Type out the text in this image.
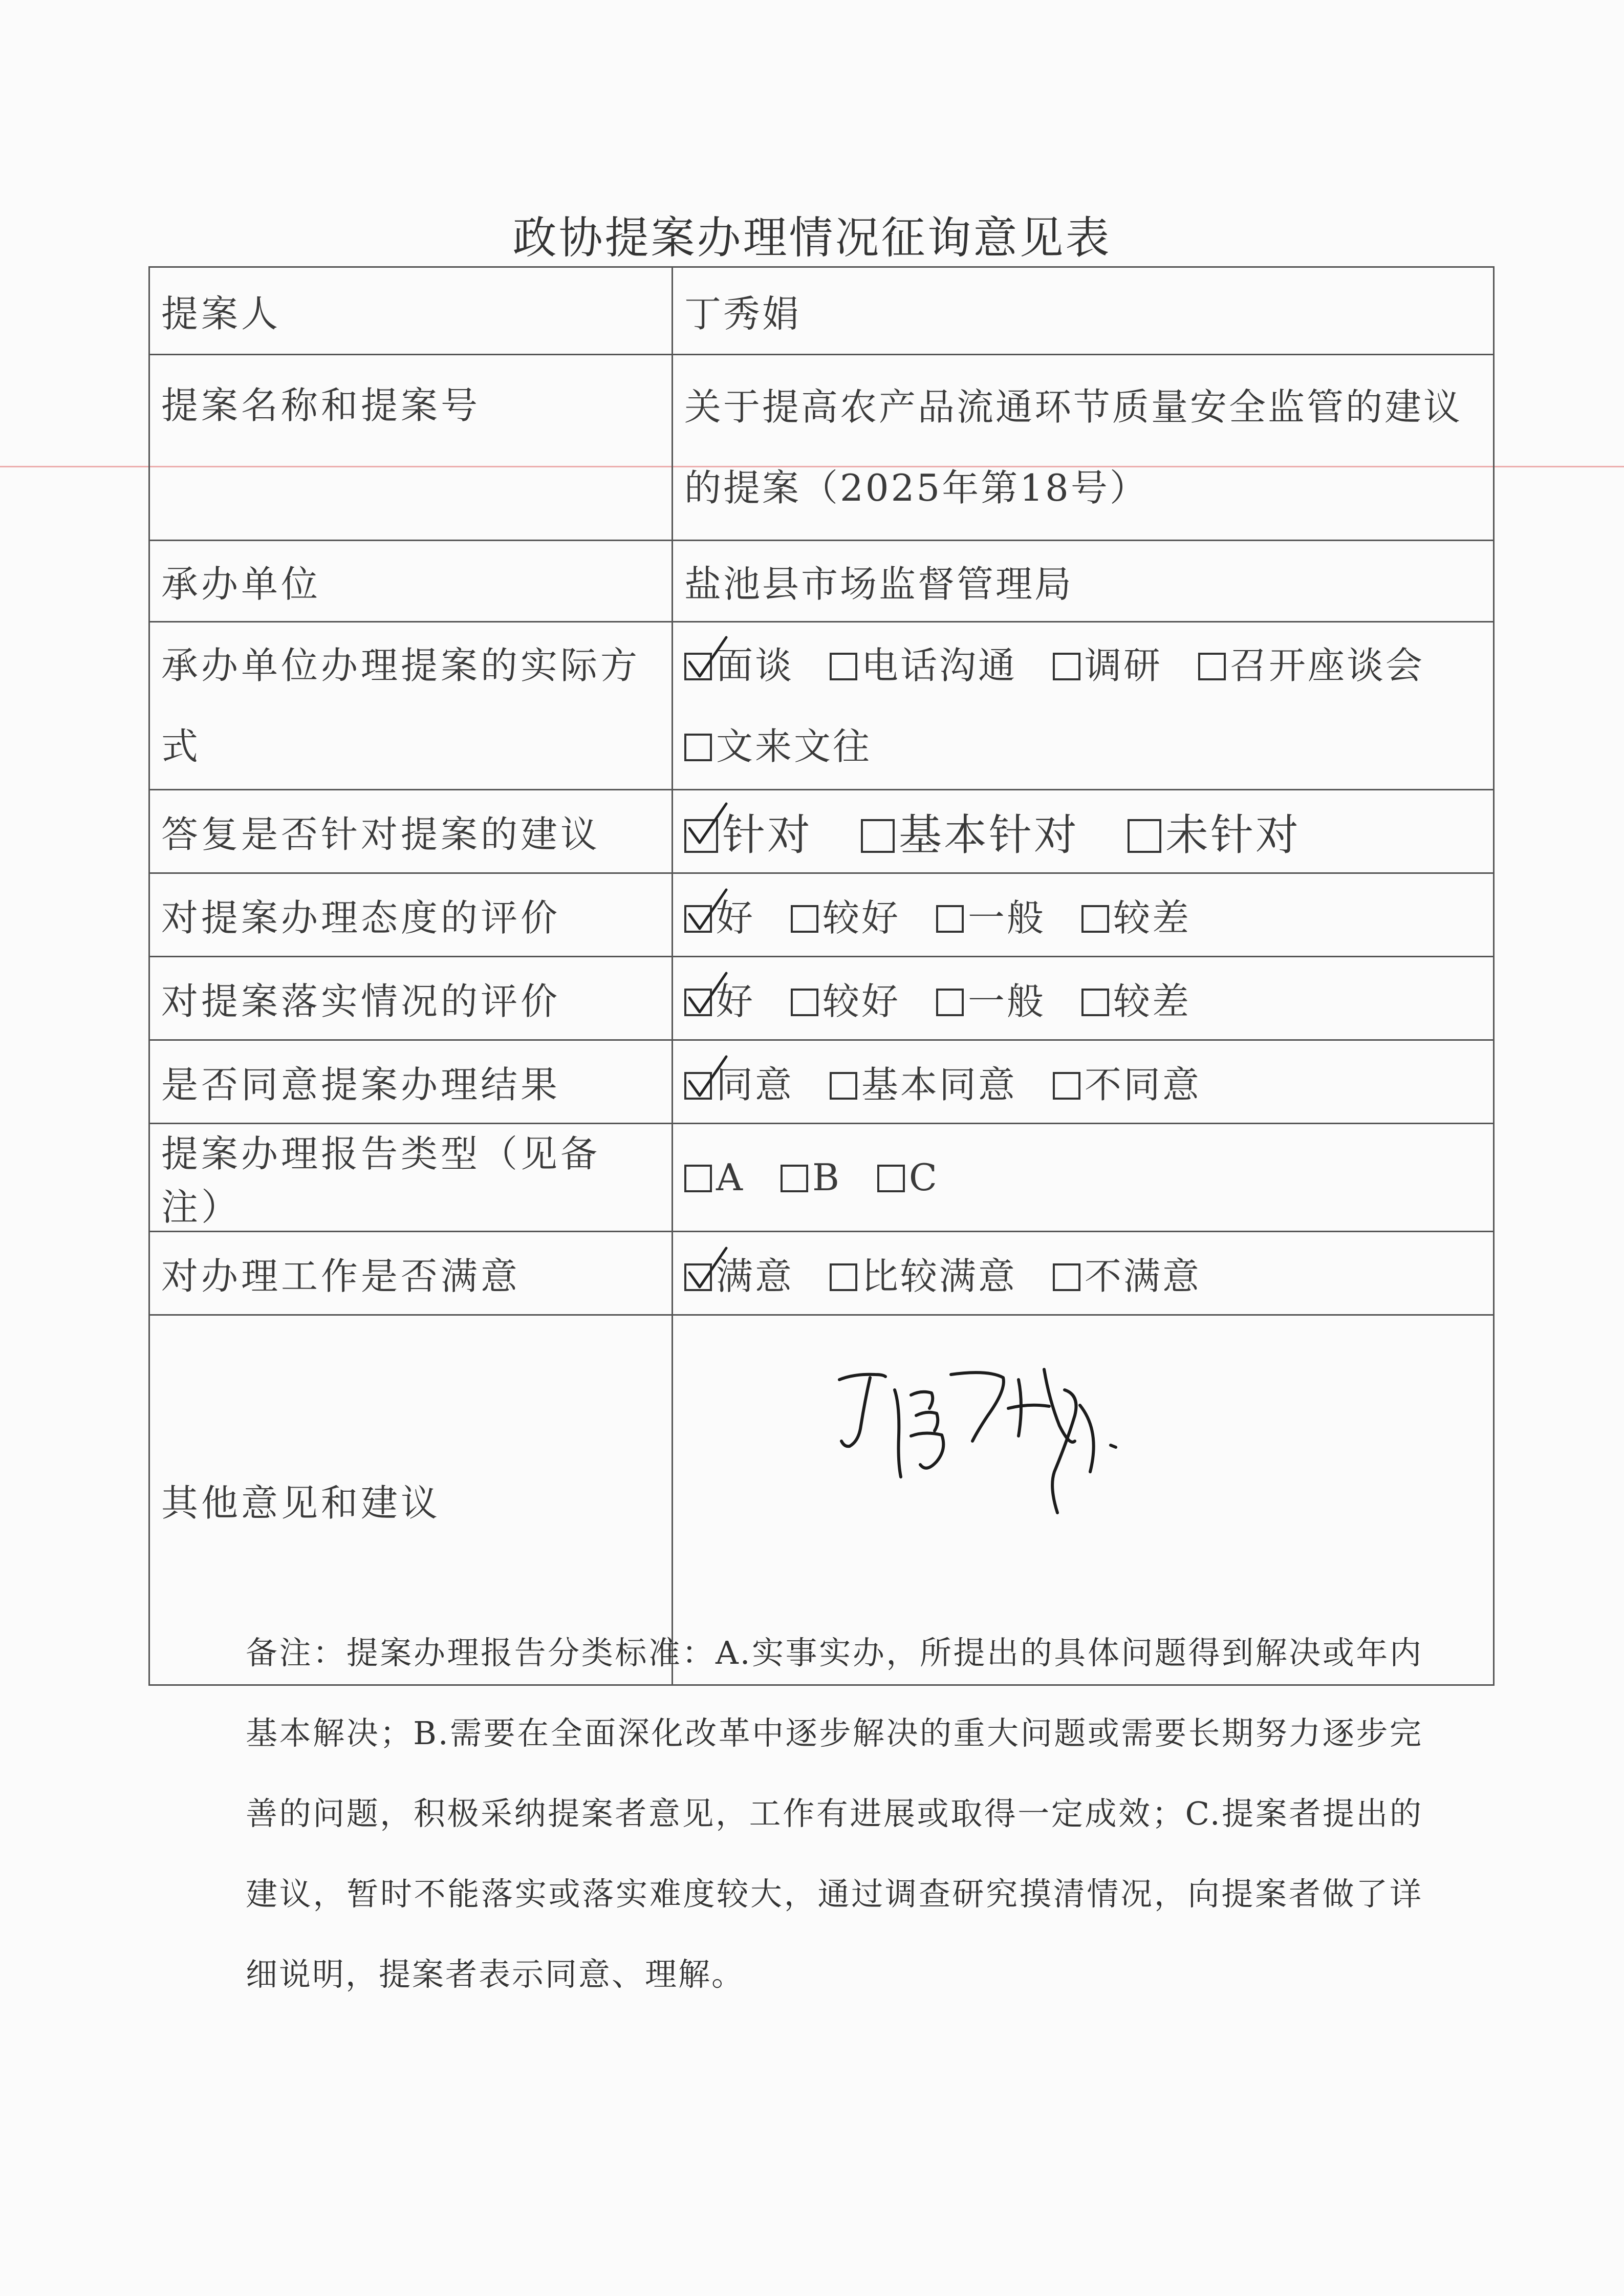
政协提案办理情况征询意见表
提案人	丁秀娟
提案名称和提案号	关于提高农产品流通环节质量安全监管的建议的提案（2025年第18号）

承办单位	盐池县市场监督管理局

承办单位办理提案的实际方式	面谈 电话沟通 调研 召开座谈会文来文往

答复是否针对提案的建议	针对 基本针对 未针对

对提案办理态度的评价	好 较好 一般 较差

对提案落实情况的评价	好 较好 一般 较差

是否同意提案办理结果	同意 基本同意 不同意

提案办理报告类型（见备注）	A B C

对办理工作是否满意	满意 比较满意 不满意

其他意见和建议	
备注：提案办理报告分类标准：A.实事实办，所提出的具体问题得到解决或年内基本解决；B.需要在全面深化改革中逐步解决的重大问题或需要长期努力逐步完善的问题，积极采纳提案者意见，工作有进展或取得一定成效；C.提案者提出的建议，暂时不能落实或落实难度较大，通过调查研究摸清情况，向提案者做了详细说明，提案者表示同意、理解。
